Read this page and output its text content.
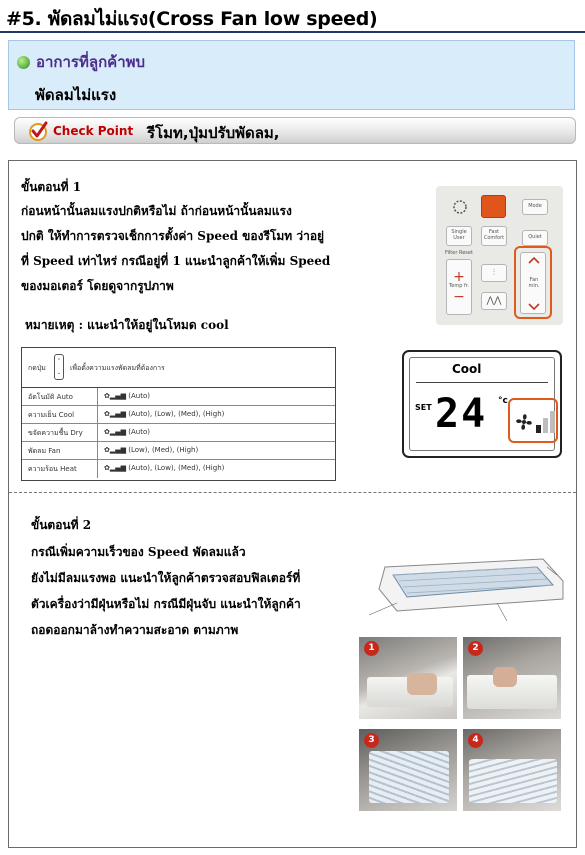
#5. พัดลมไม่แรง(Cross Fan low speed)
อาการที่ลูกค้าพบ
พัดลมไม่แรง
Check Point รีโมท,ปุ่มปรับพัดลม,
ขั้นตอนที่ 1
ก่อนหน้านั้นลมแรงปกติหรือไม่ ถ้าก่อนหน้านั้นลมแรง
ปกติ ให้ทำการตรวจเช็กการตั้งค่า Speed ของรีโมท ว่าอยู่
ที่ Speed เท่าไหร่ กรณีอยู่ที่ 1 แนะนำลูกค้าให้เพิ่ม Speed
ของมอเตอร์ โดยดูจากรูปภาพ
หมายเหตุ : แนะนำให้อยู่ในโหมด cool
Mode
Single User
Fast Comfort	Quiet
Filter Reset
+
Temp fr.
−
⫶
⋀⋀
Fan min.
กดปุ่ม
⌃
⌄
เพื่อตั้งความแรงพัดลมที่ต้องการ
อัตโนมัติ Auto	✿▂▄▆ (Auto)
ความเย็น Cool	✿▂▄▆ (Auto), (Low), (Med), (High)
ขจัดความชื้น Dry	✿▂▄▆ (Auto)
พัดลม Fan	✿▂▄▆ (Low), (Med), (High)
ความร้อน Heat	✿▂▄▆ (Auto), (Low), (Med), (High)
Cool
SET 24 °c
ขั้นตอนที่ 2
กรณีเพิ่มความเร็วของ Speed พัดลมแล้ว
ยังไม่มีลมแรงพอ แนะนำให้ลูกค้าตรวจสอบฟิลเตอร์ที่
ตัวเครื่องว่ามีฝุ่นหรือไม่ กรณีมีฝุ่นจับ แนะนำให้ลูกค้า
ถอดออกมาล้างทำความสะอาด ตามภาพ
1	2
3	4
